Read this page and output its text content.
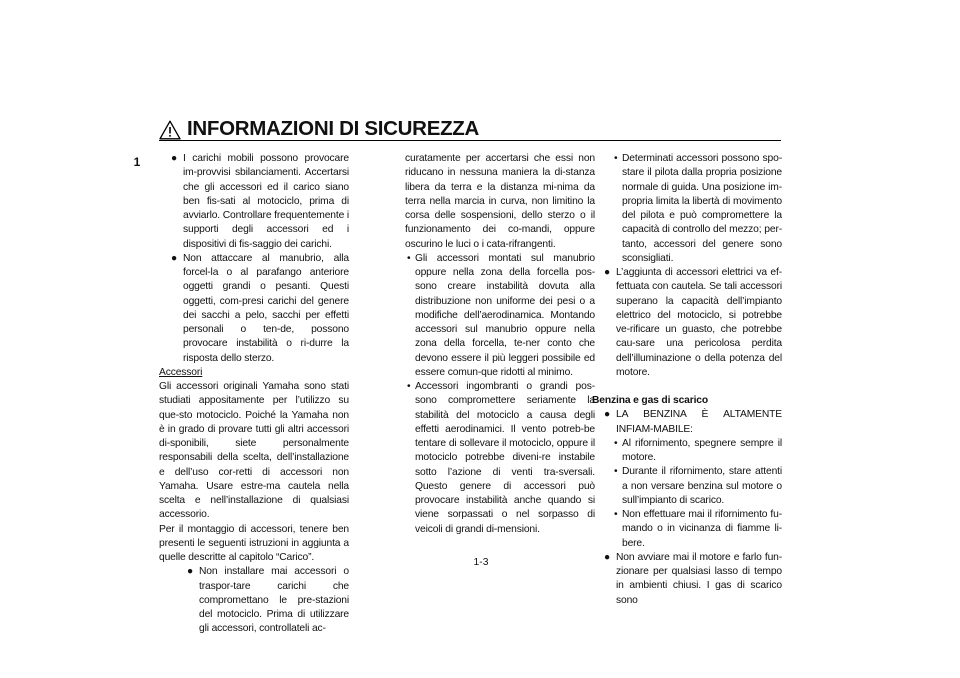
INFORMAZIONI DI SICUREZZA
1	● I carichi mobili possono provocare im-provvisi sbilanciamenti. Accertarsi che gli accessori ed il carico siano ben fis-sati al motociclo, prima di avviarlo. Controllare frequentemente i supporti degli accessori ed i dispositivi di fis-saggio dei carichi.

● Non attaccare al manubrio, alla forcel-la o al parafango anteriore oggetti grandi o pesanti. Questi oggetti, com-presi carichi del genere dei sacchi a pelo, sacchi per effetti personali o ten-de, possono provocare instabilità o ri-durre la risposta dello sterzo.

Accessori

Gli accessori originali Yamaha sono stati studiati appositamente per l’utilizzo su que-sto motociclo. Poiché la Yamaha non è in grado di provare tutti gli altri accessori di-sponibili, siete personalmente responsabili della scelta, dell’installazione e dell’uso cor-retti di accessori non Yamaha. Usare estre-ma cautela nella scelta e nell’installazione di qualsiasi accessorio.

Per il montaggio di accessori, tenere ben presenti le seguenti istruzioni in aggiunta a quelle descritte al capitolo “Carico”.

● Non installare mai accessori o traspor-tare carichi che compromettano le pre-stazioni del motociclo. Prima di utilizzare gli accessori, controllateli ac-

curatamente per accertarsi che essi non riducano in nessuna maniera la di-stanza libera da terra e la distanza mi-nima da terra nella marcia in curva, non limitino la corsa delle sospensioni, dello sterzo o il funzionamento dei co-mandi, oppure oscurino le luci o i cata-rifrangenti.

• Gli accessori montati sul manubrio oppure nella zona della forcella pos-sono creare instabilità dovuta alla distribuzione non uniforme dei pesi o a modifiche dell’aerodinamica. Montando accessori sul manubrio oppure nella zona della forcella, te-ner conto che devono essere il più leggeri possibile ed essere comun-que ridotti al minimo.

• Accessori ingombranti o grandi pos-sono compromettere seriamente la stabilità del motociclo a causa degli effetti aerodinamici. Il vento potreb-be tentare di sollevare il motociclo, oppure il motociclo potrebbe diveni-re instabile sotto l’azione di venti tra-sversali. Questo genere di accessori può provocare instabilità anche quando si viene sorpassati o nel sorpasso di veicoli di grandi di-mensioni.

• Determinati accessori possono spo-stare il pilota dalla propria posizione normale di guida. Una posizione im-propria limita la libertà di movimento del pilota e può compromettere la capacità di controllo del mezzo; per-tanto, accessori del genere sono sconsigliati.

● L’aggiunta di accessori elettrici va ef-fettuata con cautela. Se tali accessori superano la capacità dell’impianto elettrico del motociclo, si potrebbe ve-rificare un guasto, che potrebbe cau-sare una pericolosa perdita dell’illuminazione o della potenza del motore.

Benzina e gas di scarico

● LA BENZINA È ALTAMENTE INFIAM-MABILE:

• Al rifornimento, spegnere sempre il motore.

• Durante il rifornimento, stare attenti a non versare benzina sul motore o sull’impianto di scarico.

• Non effettuare mai il rifornimento fu-mando o in vicinanza di fiamme li-bere.

● Non avviare mai il motore e farlo fun-zionare per qualsiasi lasso di tempo in ambienti chiusi. I gas di scarico sono

1-3
